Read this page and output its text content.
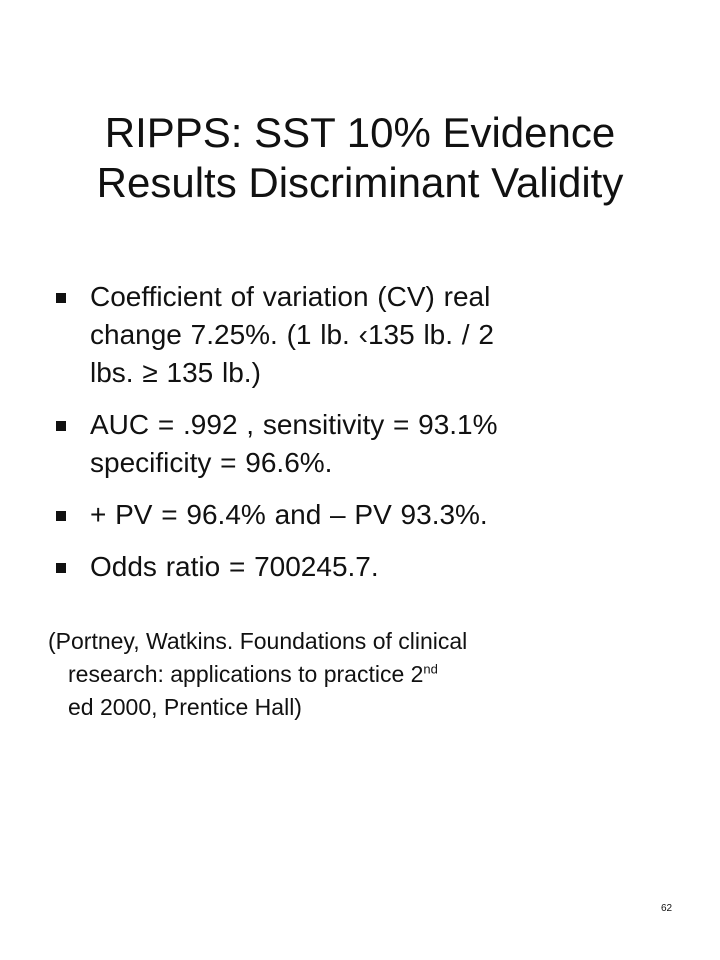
RIPPS: SST 10% Evidence
Results Discriminant Validity
Coefficient of variation (CV) real
change 7.25%. (1 lb. ‹135 lb. / 2
lbs. ≥ 135 lb.)
AUC = .992 , sensitivity = 93.1%
specificity = 96.6%.
+ PV = 96.4% and – PV 93.3%.
Odds ratio = 700245.7.
(Portney, Watkins. Foundations of clinical
research: applications to practice 2nd
ed 2000, Prentice Hall)
62
